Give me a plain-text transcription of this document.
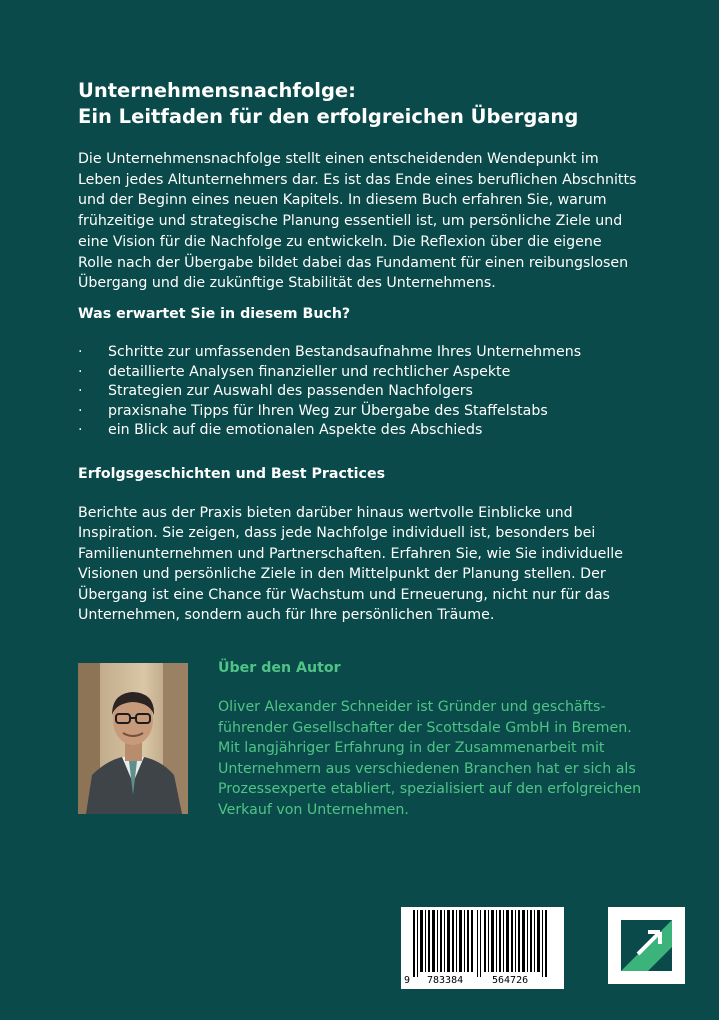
Unternehmensnachfolge:
Ein Leitfaden für den erfolgreichen Übergang
Die Unternehmensnachfolge stellt einen entscheidenden Wendepunkt im
Leben jedes Altunternehmers dar. Es ist das Ende eines beruflichen Abschnitts
und der Beginn eines neuen Kapitels. In diesem Buch erfahren Sie, warum
frühzeitige und strategische Planung essentiell ist, um persönliche Ziele und
eine Vision für die Nachfolge zu entwickeln. Die Reflexion über die eigene
Rolle nach der Übergabe bildet dabei das Fundament für einen reibungslosen
Übergang und die zukünftige Stabilität des Unternehmens.
Was erwartet Sie in diesem Buch?
·	Schritte zur umfassenden Bestandsaufnahme Ihres Unternehmens
·	detaillierte Analysen finanzieller und rechtlicher Aspekte
·	Strategien zur Auswahl des passenden Nachfolgers
·	praxisnahe Tipps für Ihren Weg zur Übergabe des Staffelstabs
·	ein Blick auf die emotionalen Aspekte des Abschieds
Erfolgsgeschichten und Best Practices
Berichte aus der Praxis bieten darüber hinaus wertvolle Einblicke und
Inspiration. Sie zeigen, dass jede Nachfolge individuell ist, besonders bei
Familienunternehmen und Partnerschaften. Erfahren Sie, wie Sie individuelle
Visionen und persönliche Ziele in den Mittelpunkt der Planung stellen. Der
Übergang ist eine Chance für Wachstum und Erneuerung, nicht nur für das
Unternehmen, sondern auch für Ihre persönlichen Träume.
Über den Autor
Oliver Alexander Schneider ist Gründer und geschäfts-
führender Gesellschafter der Scottsdale GmbH in Bremen.
Mit langjähriger Erfahrung in der Zusammenarbeit mit
Unternehmern aus verschiedenen Branchen hat er sich als
Prozessexperte etabliert, spezialisiert auf den erfolgreichen
Verkauf von Unternehmen.
9 783384	564726
